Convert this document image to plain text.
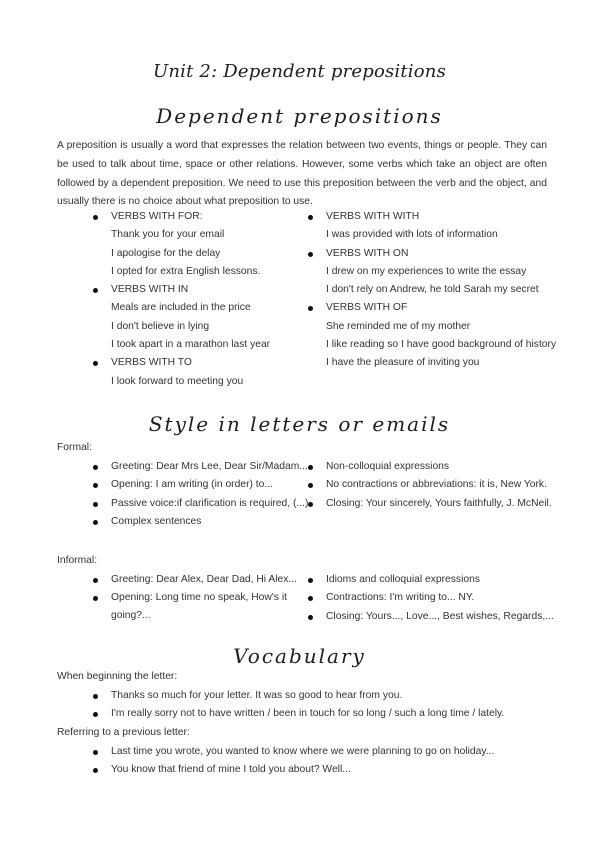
Unit 2: Dependent prepositions
Dependent prepositions
A preposition is usually a word that expresses the relation between two events, things or people. They can be used to talk about time, space or other relations. However, some verbs which take an object are often followed by a dependent preposition. We need to use this preposition between the verb and the object, and usually there is no choice about what preposition to use.
VERBS WITH FOR:
Thank you for your email
I apologise for the delay
I opted for extra English lessons.
VERBS WITH IN
Meals are included in the price
I don't believe in lying
I took apart in a marathon last year
VERBS WITH TO
I look forward to meeting you
VERBS WITH WITH
I was provided with lots of information
VERBS WITH ON
I drew on my experiences to write the essay
I don't rely on Andrew, he told Sarah my secret
VERBS WITH OF
She reminded me of my mother
I like reading so I have good background of history
I have the pleasure of inviting you
Style in letters or emails
Formal:
Greeting: Dear Mrs Lee, Dear Sir/Madam...
Opening: I am writing (in order) to...
Passive voice:if clarification is required, (...)
Complex sentences
Non-colloquial expressions
No contractions or abbreviations: it is, New York.
Closing: Your sincerely, Yours faithfully, J. McNeil.
Informal:
Greeting: Dear Alex, Dear Dad, Hi Alex...
Opening: Long time no speak, How's it going?...
Idioms and colloquial expressions
Contractions: I'm writing to... NY.
Closing: Yours..., Love..., Best wishes, Regards,...
Vocabulary
When beginning the letter:
Thanks so much for your letter. It was so good to hear from you.
I'm really sorry not to have written / been in touch for so long / such a long time / lately.
Referring to a previous letter:
Last time you wrote, you wanted to know where we were planning to go on holiday...
You know that friend of mine I told you about? Well...
